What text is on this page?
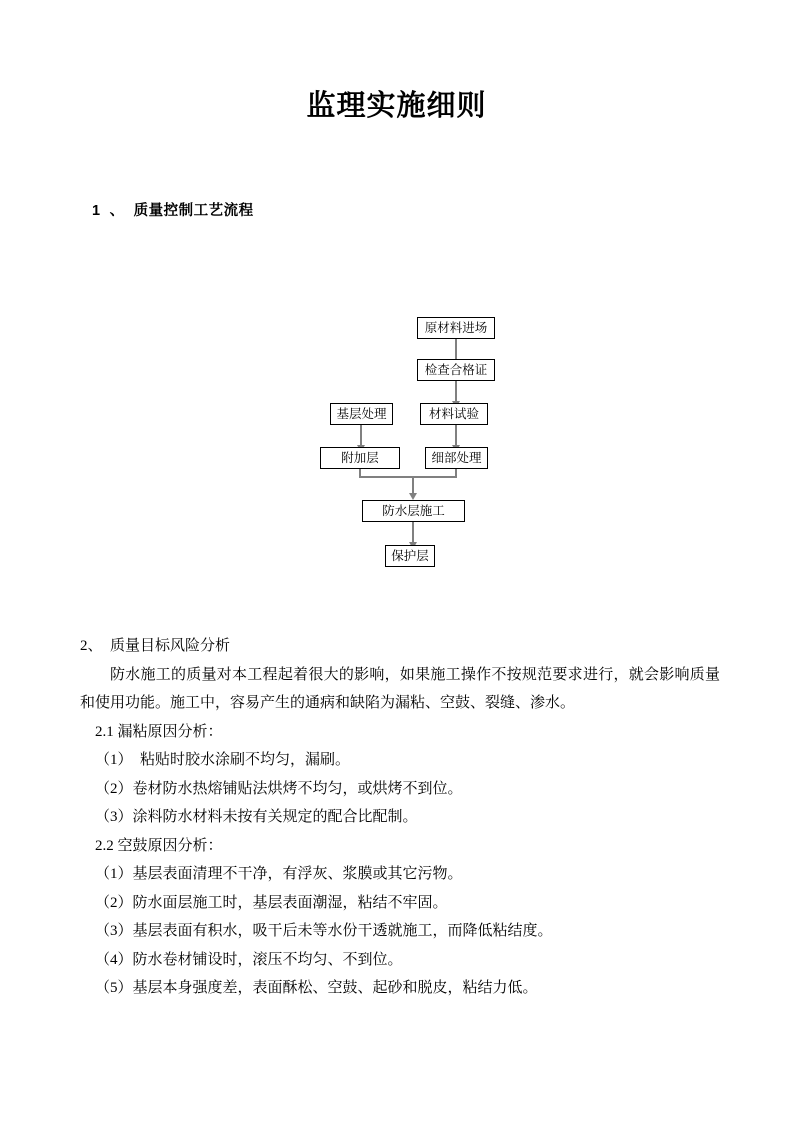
监理实施细则
1  、  质量控制工艺流程
原材料进场
检查合格证
基层处理	材料试验
附加层	细部处理
防水层施工
保护层
2、  质量目标风险分析
防水施工的质量对本工程起着很大的影响，如果施工操作不按规范要求进行，就会影响质量和使用功能。施工中，容易产生的通病和缺陷为漏粘、空鼓、裂缝、渗水。
2.1 漏粘原因分析：
（1）  粘贴时胶水涂刷不均匀，漏刷。
（2）卷材防水热熔铺贴法烘烤不均匀，或烘烤不到位。
（3）涂料防水材料未按有关规定的配合比配制。
2.2 空鼓原因分析：
（1）基层表面清理不干净，有浮灰、浆膜或其它污物。
（2）防水面层施工时，基层表面潮湿，粘结不牢固。
（3）基层表面有积水，吸干后未等水份干透就施工，而降低粘结度。
（4）防水卷材铺设时，滚压不均匀、不到位。
（5）基层本身强度差，表面酥松、空鼓、起砂和脱皮，粘结力低。
